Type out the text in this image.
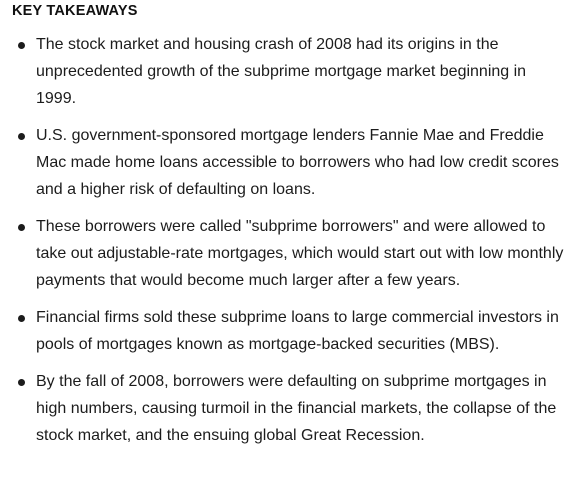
KEY TAKEAWAYS
The stock market and housing crash of 2008 had its origins in the unprecedented growth of the subprime mortgage market beginning in 1999.
U.S. government-sponsored mortgage lenders Fannie Mae and Freddie Mac made home loans accessible to borrowers who had low credit scores and a higher risk of defaulting on loans.
These borrowers were called "subprime borrowers" and were allowed to take out adjustable-rate mortgages, which would start out with low monthly payments that would become much larger after a few years.
Financial firms sold these subprime loans to large commercial investors in pools of mortgages known as mortgage-backed securities (MBS).
By the fall of 2008, borrowers were defaulting on subprime mortgages in high numbers, causing turmoil in the financial markets, the collapse of the stock market, and the ensuing global Great Recession.
